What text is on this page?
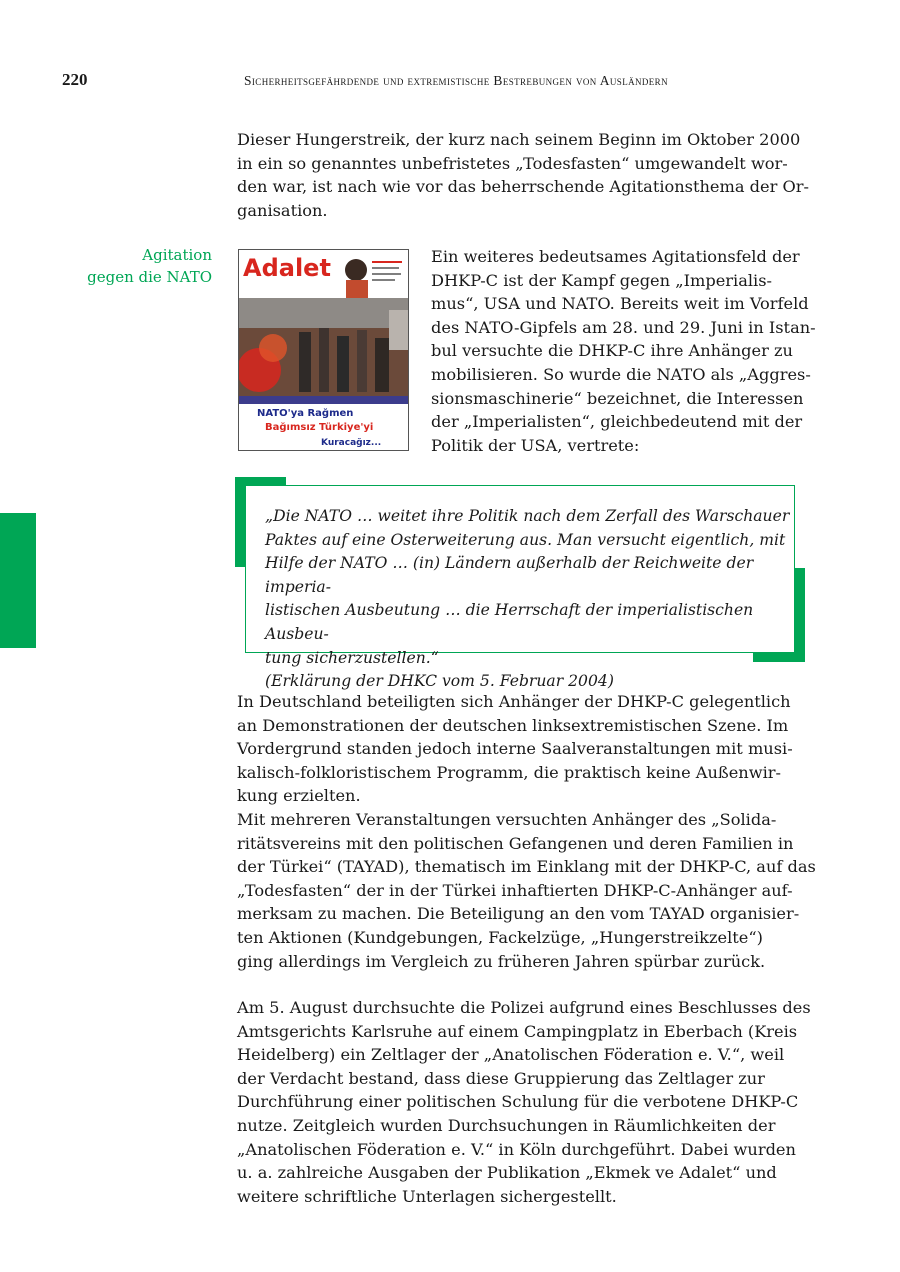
220	Sicherheitsgefährdende und extremistische Bestrebungen von Ausländern

Dieser Hungerstreik, der kurz nach seinem Beginn im Oktober 2000
in ein so genanntes unbefristetes „Todesfasten“ umgewandelt wor-
den war, ist nach wie vor das beherrschende Agitationsthema der Or-
ganisation.

Agitation
gegen die NATO Adalet
NATO'ya Rağmen
Bağımsız Türkiye'yi
Kuracağız...

Ein weiteres bedeutsames Agitationsfeld der
DHKP-C ist der Kampf gegen „Imperialis-
mus“, USA und NATO. Bereits weit im Vorfeld
des NATO-Gipfels am 28. und 29. Juni in Istan-
bul versuchte die DHKP-C ihre Anhänger zu
mobilisieren. So wurde die NATO als „Aggres-
sionsmaschinerie“ bezeichnet, die Interessen
der „Imperialisten“, gleichbedeutend mit der
Politik der USA, vertrete:

„Die NATO … weitet ihre Politik nach dem Zerfall des Warschauer
Paktes auf eine Osterweiterung aus. Man versucht eigentlich, mit
Hilfe der NATO … (in) Ländern außerhalb der Reichweite der imperia-
listischen Ausbeutung … die Herrschaft der imperialistischen Ausbeu-
tung sicherzustellen.“
(Erklärung der DHKC vom 5. Februar 2004)

In Deutschland beteiligten sich Anhänger der DHKP-C gelegentlich
an Demonstrationen der deutschen linksextremistischen Szene. Im
Vordergrund standen jedoch interne Saalveranstaltungen mit musi-
kalisch-folkloristischem Programm, die praktisch keine Außenwir-
kung erzielten.

Mit mehreren Veranstaltungen versuchten Anhänger des „Solida-
ritätsvereins mit den politischen Gefangenen und deren Familien in
der Türkei“ (TAYAD), thematisch im Einklang mit der DHKP-C, auf das
„Todesfasten“ der in der Türkei inhaftierten DHKP-C-Anhänger auf-
merksam zu machen. Die Beteiligung an den vom TAYAD organisier-
ten Aktionen (Kundgebungen, Fackelzüge, „Hungerstreikzelte“)
ging allerdings im Vergleich zu früheren Jahren spürbar zurück.

Am 5. August durchsuchte die Polizei aufgrund eines Beschlusses des
Amtsgerichts Karlsruhe auf einem Campingplatz in Eberbach (Kreis
Heidelberg) ein Zeltlager der „Anatolischen Föderation e. V.“, weil
der Verdacht bestand, dass diese Gruppierung das Zeltlager zur
Durchführung einer politischen Schulung für die verbotene DHKP-C
nutze. Zeitgleich wurden Durchsuchungen in Räumlichkeiten der
„Anatolischen Föderation e. V.“ in Köln durchgeführt. Dabei wurden
u. a. zahlreiche Ausgaben der Publikation „Ekmek ve Adalet“ und
weitere schriftliche Unterlagen sichergestellt.
